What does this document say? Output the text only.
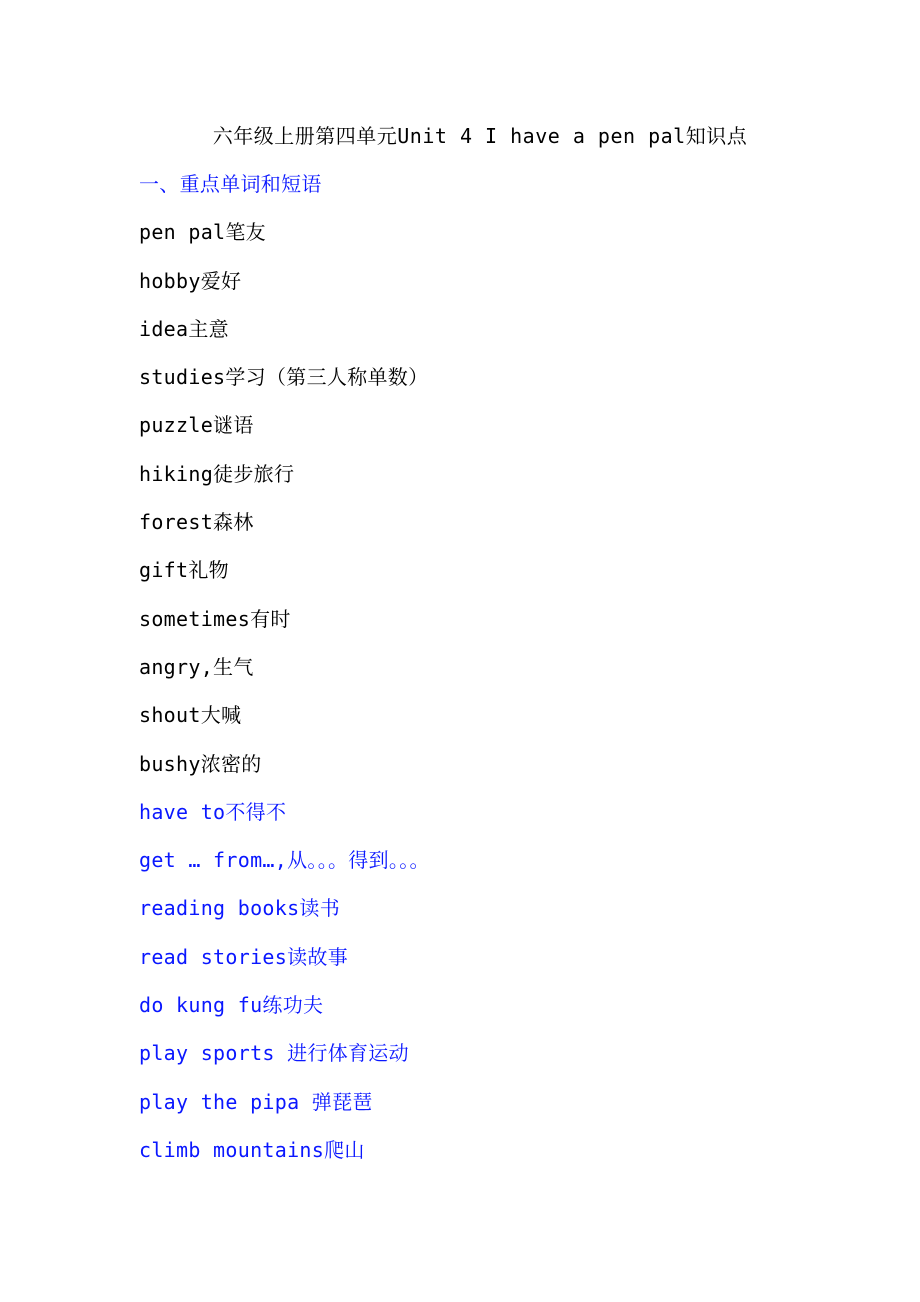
六年级上册第四单元Unit 4 I have a pen pal知识点
一、重点单词和短语
pen pal笔友
hobby爱好
idea主意
studies学习（第三人称单数）
puzzle谜语
hiking徒步旅行
forest森林
gift礼物
sometimes有时
angry,生气
shout大喊
bushy浓密的
have to不得不
get … from…,从。。。得到。。。
reading books读书
read stories读故事
do kung fu练功夫
play sports 进行体育运动
play the pipa 弹琵琶
climb mountains爬山
